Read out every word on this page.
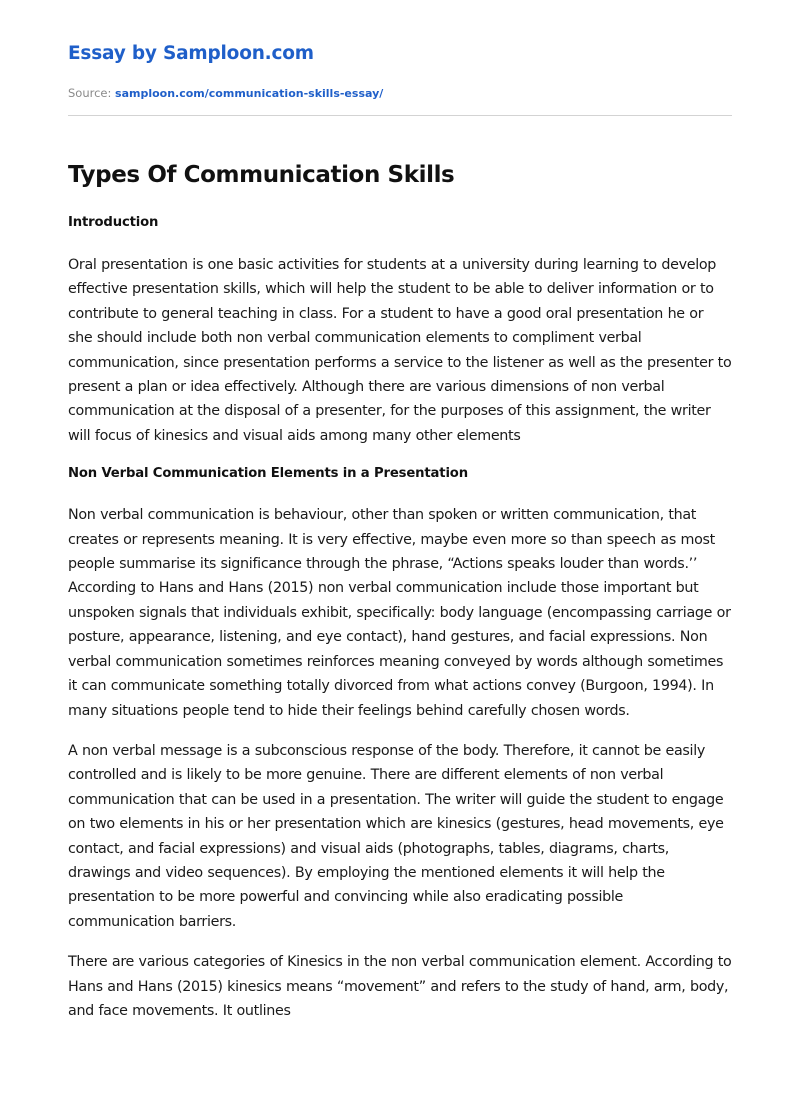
Essay by Samploon.com
Source: samploon.com/communication-skills-essay/
Types Of Communication Skills
Introduction

Oral presentation is one basic activities for students at a university during learning to develop effective presentation skills, which will help the student to be able to deliver information or to contribute to general teaching in class. For a student to have a good oral presentation he or she should include both non verbal communication elements to compliment verbal communication, since presentation performs a service to the listener as well as the presenter to present a plan or idea effectively. Although there are various dimensions of non verbal communication at the disposal of a presenter, for the purposes of this assignment, the writer will focus of kinesics and visual aids among many other elements

Non Verbal Communication Elements in a Presentation

Non verbal communication is behaviour, other than spoken or written communication, that creates or represents meaning. It is very effective, maybe even more so than speech as most people summarise its significance through the phrase, “Actions speaks louder than words.’’ According to Hans and Hans (2015) non verbal communication include those important but unspoken signals that individuals exhibit, specifically: body language (encompassing carriage or posture, appearance, listening, and eye contact), hand gestures, and facial expressions. Non verbal communication sometimes reinforces meaning conveyed by words although sometimes it can communicate something totally divorced from what actions convey (Burgoon, 1994). In many situations people tend to hide their feelings behind carefully chosen words.

A non verbal message is a subconscious response of the body. Therefore, it cannot be easily controlled and is likely to be more genuine. There are different elements of non verbal communication that can be used in a presentation. The writer will guide the student to engage on two elements in his or her presentation which are kinesics (gestures, head movements, eye contact, and facial expressions) and visual aids (photographs, tables, diagrams, charts, drawings and video sequences). By employing the mentioned elements it will help the presentation to be more powerful and convincing while also eradicating possible communication barriers.

There are various categories of Kinesics in the non verbal communication element. According to Hans and Hans (2015) kinesics means “movement” and refers to the study of hand, arm, body, and face movements. It outlines
